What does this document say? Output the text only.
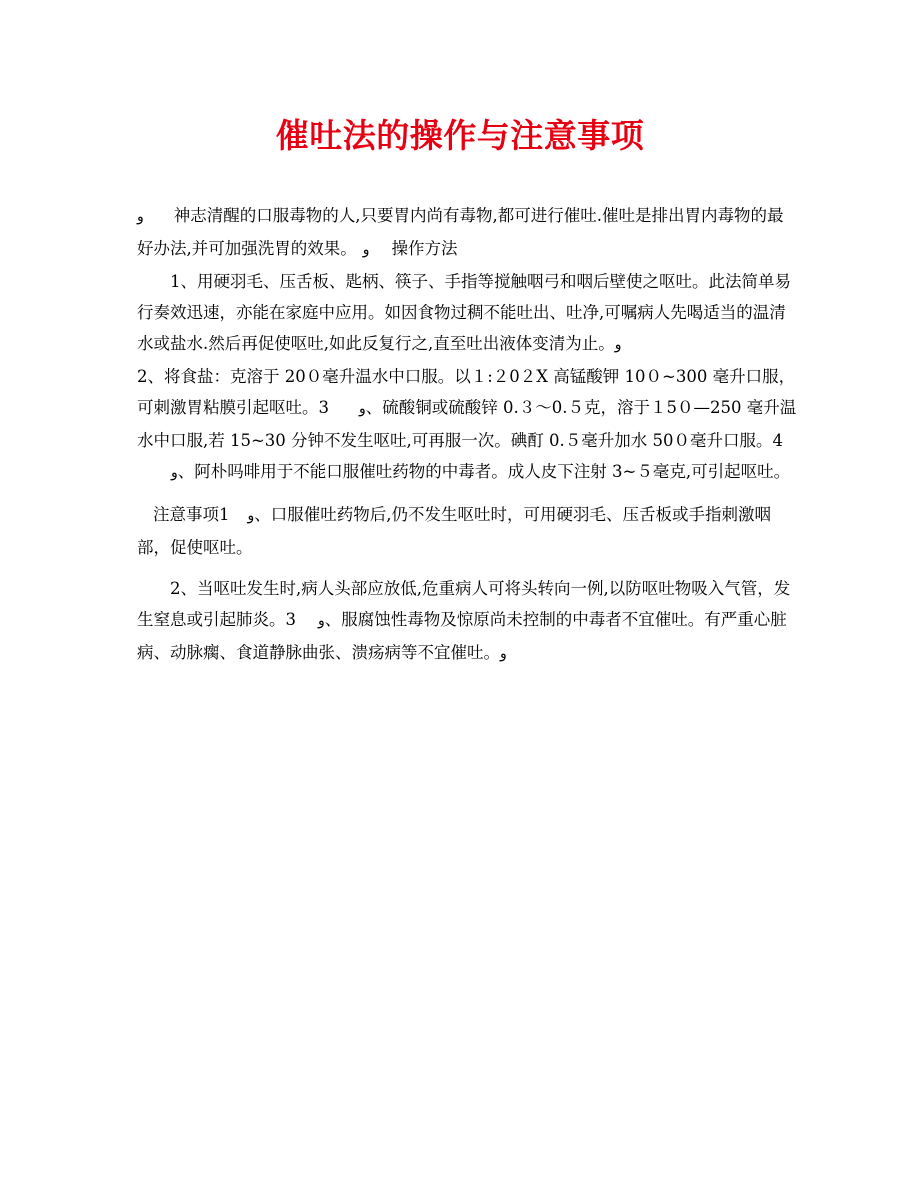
催吐法的操作与注意事项

ﻭ 神志清醒的口服毒物的人,只要胃内尚有毒物,都可进行催吐.催吐是排出胃内毒物的最好办法,并可加强洗胃的效果。 ﻭ 操作方法

1、用硬羽毛、压舌板、匙柄、筷子、手指等搅触咽弓和咽后壁使之呕吐。此法简单易行奏效迅速，亦能在家庭中应用。如因食物过稠不能吐出、吐净,可嘱病人先喝适当的温清水或盐水.然后再促使呕吐,如此反复行之,直至吐出液体变清为止。ﻭ
2、将食盐：克溶于 20０毫升温水中口服。以１:２0２X 高锰酸钾 10０~300 毫升口服，可刺激胃粘膜引起呕吐。3 ﻭ、硫酸铜或硫酸锌 0.３～0.５克，溶于１5０—250 毫升温水中口服,若 15~30 分钟不发生呕吐,可再服一次。碘酊 0.５毫升加水 50０毫升口服。4ﻭ、阿朴吗啡用于不能口服催吐药物的中毒者。成人皮下注射 3~５毫克,可引起呕吐。

注意事项1 ﻭ、口服催吐药物后,仍不发生呕吐时，可用硬羽毛、压舌板或手指刺激咽部，促使呕吐。

2、当呕吐发生时,病人头部应放低,危重病人可将头转向一例,以防呕吐物吸入气管，发生窒息或引起肺炎。3 ﻭ、服腐蚀性毒物及惊原尚未控制的中毒者不宜催吐。有严重心脏病、动脉瘸、食道静脉曲张、溃疡病等不宜催吐。ﻭ
